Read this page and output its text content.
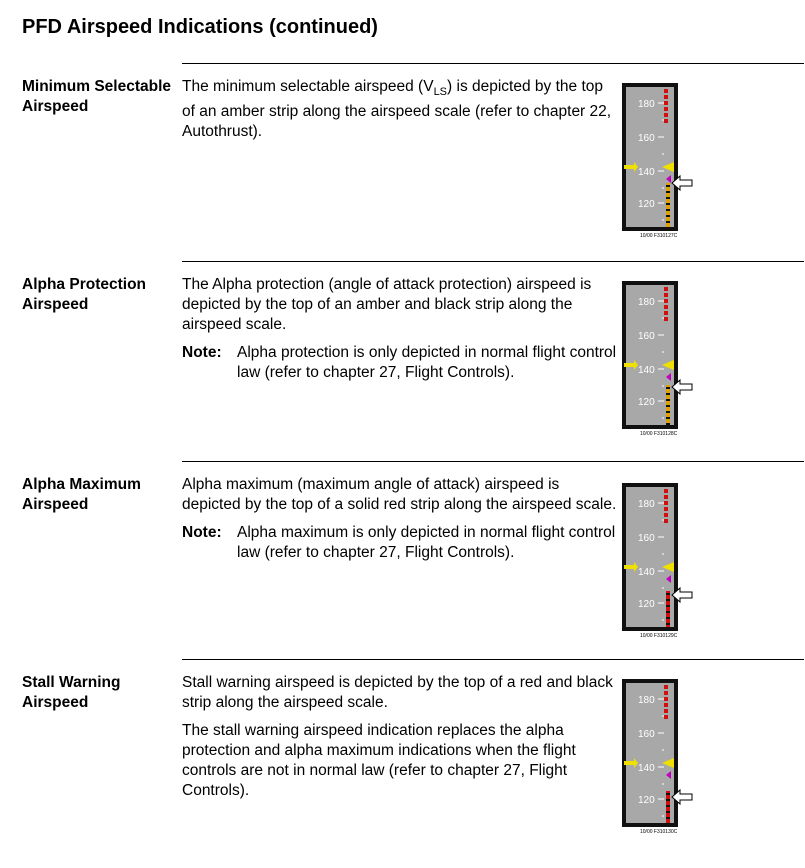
PFD Airspeed Indications (continued)
Minimum Selectable Airspeed

The minimum selectable airspeed $(V_{LS})$ is depicted by the top of an amber strip along the airspeed scale (refer to chapter 22, Autothrust).

180
160
140
120
10/00 F310127C
Alpha Protection Airspeed

The Alpha protection (angle of attack protection) airspeed is depicted by the top of an amber and black strip along the airspeed scale.

Note: Alpha protection is only depicted in normal flight control law (refer to chapter 27, Flight Controls).
180
160
140
120
10/00 F310128C
Alpha Maximum Airspeed

Alpha maximum (maximum angle of attack) airspeed is depicted by the top of a solid red strip along the airspeed scale.

Note: Alpha maximum is only depicted in normal flight control law (refer to chapter 27, Flight Controls).
180
160
140
120
10/00 F310129C
Stall Warning Airspeed

Stall warning airspeed is depicted by the top of a red and black strip along the airspeed scale.

The stall warning airspeed indication replaces the alpha protection and alpha maximum indications when the flight controls are not in normal law (refer to chapter 27, Flight Controls).

180
160
140
120
10/00 F310130C
